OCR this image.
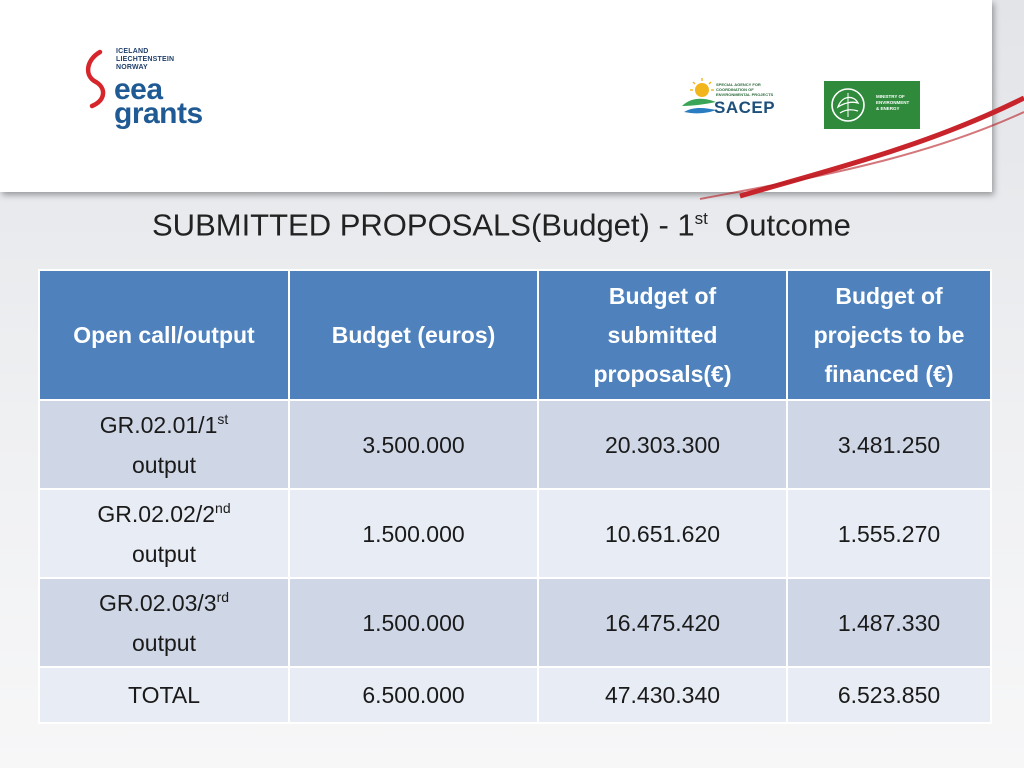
ICELAND
LIECHTENSTEIN
NORWAY
eea
grants
SPECIAL AGENCY FOR COORDINATION OF ENVIRONMENTAL PROJECTS
SACEP
MINISTRY OF
ENVIRONMENT
& ENERGY
SUBMITTED PROPOSALS(Budget) - 1st Outcome
Open call/output	Budget (euros)	Budget of
submitted
proposals(€)	Budget of
projects to be
financed (€)
GR.02.01/1st
output	3.500.000	20.303.300	3.481.250
GR.02.02/2nd
output	1.500.000	10.651.620	1.555.270
GR.02.03/3rd
output	1.500.000	16.475.420	1.487.330
TOTAL	6.500.000	47.430.340	6.523.850
